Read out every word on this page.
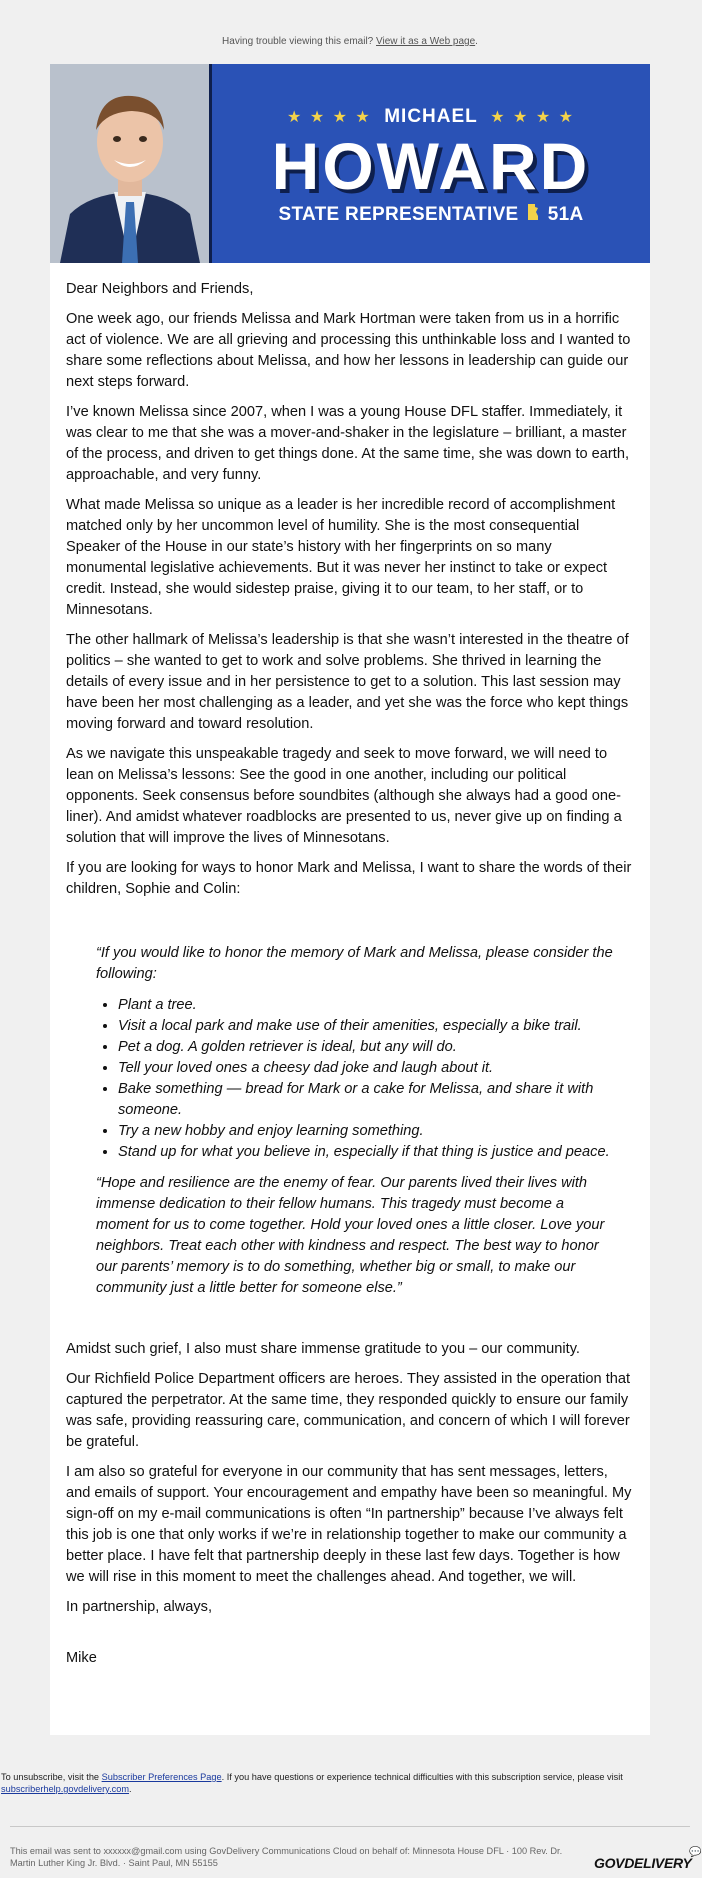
Having trouble viewing this email? View it as a Web page.
★ ★ ★ ★ MICHAEL ★ ★ ★ ★
HOWARD
STATE REPRESENTATIVE 51A

Dear Neighbors and Friends,

One week ago, our friends Melissa and Mark Hortman were taken from us in a horrific act of violence. We are all grieving and processing this unthinkable loss and I wanted to share some reflections about Melissa, and how her lessons in leadership can guide our next steps forward.

I’ve known Melissa since 2007, when I was a young House DFL staffer. Immediately, it was clear to me that she was a mover-and-shaker in the legislature – brilliant, a master of the process, and driven to get things done. At the same time, she was down to earth, approachable, and very funny.

What made Melissa so unique as a leader is her incredible record of accomplishment matched only by her uncommon level of humility. She is the most consequential Speaker of the House in our state’s history with her fingerprints on so many monumental legislative achievements. But it was never her instinct to take or expect credit. Instead, she would sidestep praise, giving it to our team, to her staff, or to Minnesotans.

The other hallmark of Melissa’s leadership is that she wasn’t interested in the theatre of politics – she wanted to get to work and solve problems. She thrived in learning the details of every issue and in her persistence to get to a solution. This last session may have been her most challenging as a leader, and yet she was the force who kept things moving forward and toward resolution.

As we navigate this unspeakable tragedy and seek to move forward, we will need to lean on Melissa’s lessons: See the good in one another, including our political opponents. Seek consensus before soundbites (although she always had a good one-liner). And amidst whatever roadblocks are presented to us, never give up on finding a solution that will improve the lives of Minnesotans.

If you are looking for ways to honor Mark and Melissa, I want to share the words of their children, Sophie and Colin:

“If you would like to honor the memory of Mark and Melissa, please consider the following:

• Plant a tree.
• Visit a local park and make use of their amenities, especially a bike trail.
• Pet a dog. A golden retriever is ideal, but any will do.
• Tell your loved ones a cheesy dad joke and laugh about it.
• Bake something — bread for Mark or a cake for Melissa, and share it with someone.
• Try a new hobby and enjoy learning something.
• Stand up for what you believe in, especially if that thing is justice and peace.

“Hope and resilience are the enemy of fear. Our parents lived their lives with immense dedication to their fellow humans. This tragedy must become a moment for us to come together. Hold your loved ones a little closer. Love your neighbors. Treat each other with kindness and respect. The best way to honor our parents’ memory is to do something, whether big or small, to make our community just a little better for someone else.”

Amidst such grief, I also must share immense gratitude to you – our community.

Our Richfield Police Department officers are heroes. They assisted in the operation that captured the perpetrator. At the same time, they responded quickly to ensure our family was safe, providing reassuring care, communication, and concern of which I will forever be grateful.

I am also so grateful for everyone in our community that has sent messages, letters, and emails of support. Your encouragement and empathy have been so meaningful. My sign-off on my e-mail communications is often “In partnership” because I’ve always felt this job is one that only works if we’re in relationship together to make our community a better place. I have felt that partnership deeply in these last few days. Together is how we will rise in this moment to meet the challenges ahead. And together, we will.

In partnership, always,

Mike

To unsubscribe, visit the Subscriber Preferences Page. If you have questions or experience technical difficulties with this subscription service, please visit subscriberhelp.govdelivery.com.
This email was sent to xxxxxx@gmail.com using GovDelivery Communications Cloud on behalf of: Minnesota House DFL · 100 Rev. Dr. Martin Luther King Jr. Blvd. · Saint Paul, MN 55155	GOVDELIVERY
💬
